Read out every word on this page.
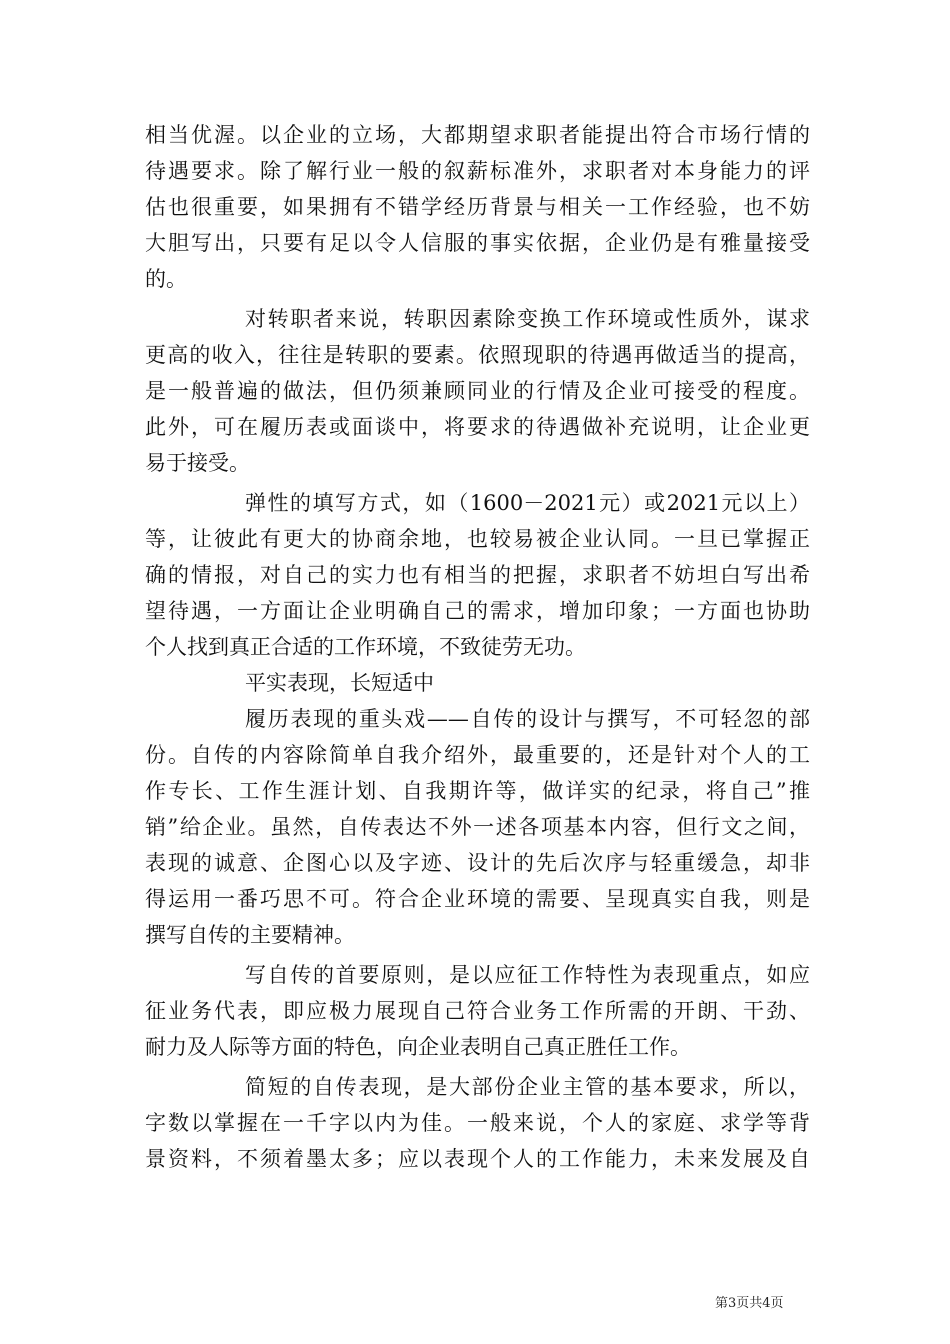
相当优渥。以企业的立场，大都期望求职者能提出符合市场行情的
待遇要求。除了解行业一般的叙薪标准外，求职者对本身能力的评
估也很重要，如果拥有不错学经历背景与相关一工作经验，也不妨
大胆写出，只要有足以令人信服的事实依据，企业仍是有雅量接受
的。
对转职者来说，转职因素除变换工作环境或性质外，谋求
更高的收入，往往是转职的要素。依照现职的待遇再做适当的提高，
是一般普遍的做法，但仍须兼顾同业的行情及企业可接受的程度。
此外，可在履历表或面谈中，将要求的待遇做补充说明，让企业更
易于接受。
弹性的填写方式，如（1600－2021元）或2021元以上）
等，让彼此有更大的协商余地，也较易被企业认同。一旦已掌握正
确的情报，对自己的实力也有相当的把握，求职者不妨坦白写出希
望待遇，一方面让企业明确自己的需求，增加印象；一方面也协助
个人找到真正合适的工作环境，不致徒劳无功。
平实表现，长短适中
履历表现的重头戏——自传的设计与撰写，不可轻忽的部
份。自传的内容除简单自我介绍外，最重要的，还是针对个人的工
作专长、工作生涯计划、自我期许等，做详实的纪录，将自己”推
销”给企业。虽然，自传表达不外一述各项基本内容，但行文之间，
表现的诚意、企图心以及字迹、设计的先后次序与轻重缓急，却非
得运用一番巧思不可。符合企业环境的需要、呈现真实自我，则是
撰写自传的主要精神。
写自传的首要原则，是以应征工作特性为表现重点，如应
征业务代表，即应极力展现自己符合业务工作所需的开朗、干劲、
耐力及人际等方面的特色，向企业表明自己真正胜任工作。
简短的自传表现，是大部份企业主管的基本要求，所以，
字数以掌握在一千字以内为佳。一般来说，个人的家庭、求学等背
景资料，不须着墨太多；应以表现个人的工作能力，未来发展及自
第3页共4页
